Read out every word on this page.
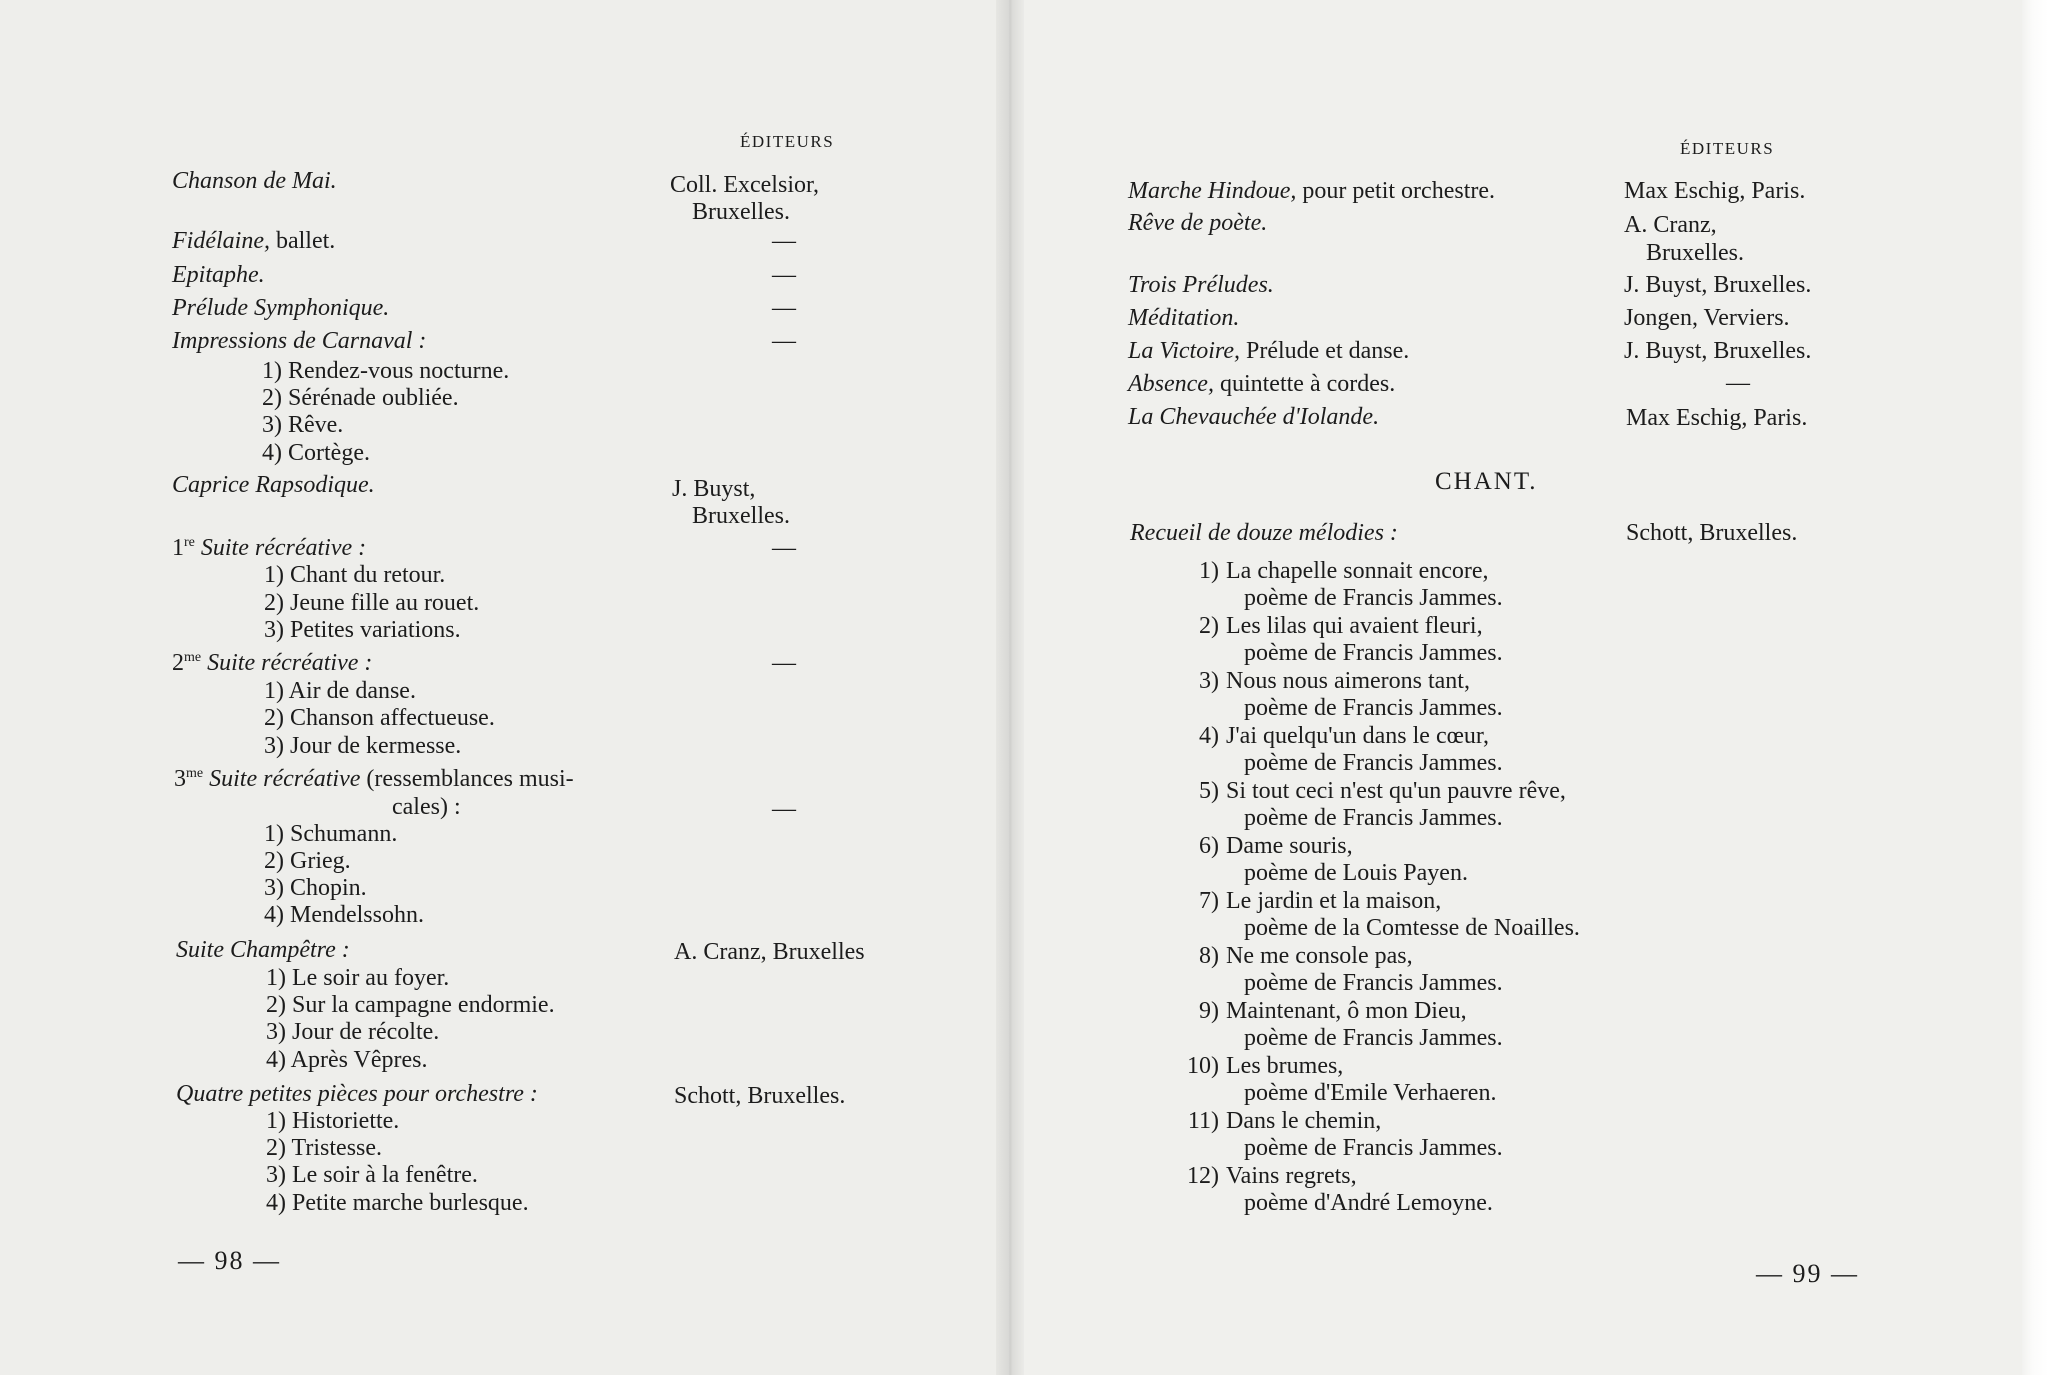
ÉDITEURS
Chanson de Mai.	Coll. Excelsior,
Bruxelles.
Fidélaine, ballet.	—
Epitaphe.	—
Prélude Symphonique.	—
Impressions de Carnaval :	—
1) Rendez-vous nocturne.
2) Sérénade oubliée.
3) Rêve.
4) Cortège.
Caprice Rapsodique.	J. Buyst,
Bruxelles.
1re Suite récréative :	—
1) Chant du retour.
2) Jeune fille au rouet.
3) Petites variations.
$2^{me}$ Suite récréative :	—
1) Air de danse.
2) Chanson affectueuse.
3) Jour de kermesse.
$3^{me}$ Suite récréative (ressemblances musi-
cales) :	—
1) Schumann.
2) Grieg.
3) Chopin.
4) Mendelssohn.
Suite Champêtre :	A. Cranz, Bruxelles
1) Le soir au foyer.
2) Sur la campagne endormie.
3) Jour de récolte.
4) Après Vêpres.
Quatre petites pièces pour orchestre :	Schott, Bruxelles.
1) Historiette.
2) Tristesse.
3) Le soir à la fenêtre.
4) Petite marche burlesque.
— 98 —
ÉDITEURS
Marche Hindoue, pour petit orchestre.	Max Eschig, Paris.
Rêve de poète.	A. Cranz,
Bruxelles.
Trois Préludes.	J. Buyst, Bruxelles.
Méditation.	Jongen, Verviers.
La Victoire, Prélude et danse.	J. Buyst, Bruxelles.
Absence, quintette à cordes.	—
La Chevauchée d'Iolande.	Max Eschig, Paris.
CHANT.
Recueil de douze mélodies :	Schott, Bruxelles.
1) La chapelle sonnait encore,
poème de Francis Jammes.
2) Les lilas qui avaient fleuri,
poème de Francis Jammes.
3) Nous nous aimerons tant,
poème de Francis Jammes.
4) J'ai quelqu'un dans le cœur,
poème de Francis Jammes.
5) Si tout ceci n'est qu'un pauvre rêve,
poème de Francis Jammes.
6) Dame souris,
poème de Louis Payen.
7) Le jardin et la maison,
poème de la Comtesse de Noailles.
8) Ne me console pas,
poème de Francis Jammes.
9) Maintenant, ô mon Dieu,
poème de Francis Jammes.
10) Les brumes,
poème d'Emile Verhaeren.
11) Dans le chemin,
poème de Francis Jammes.
12) Vains regrets,
poème d'André Lemoyne.
— 99 —
